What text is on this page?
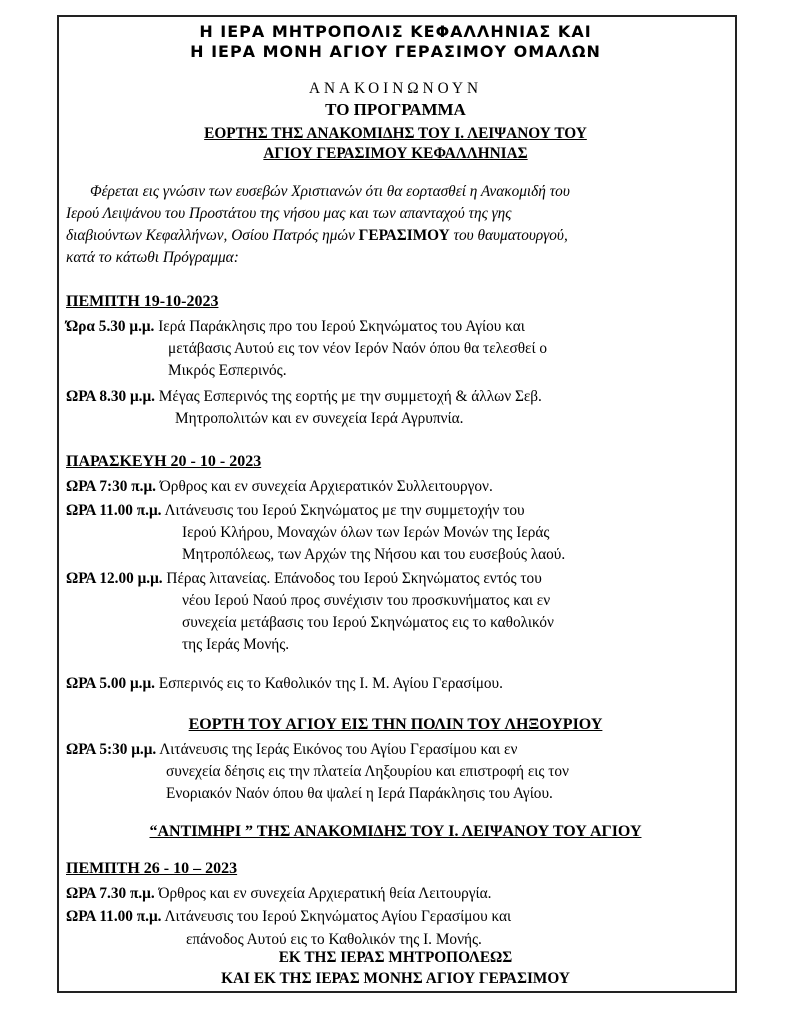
Η ΙΕΡΑ ΜΗΤΡΟΠΟΛΙΣ ΚΕΦΑΛΛΗΝΙΑΣ ΚΑΙ
Η ΙΕΡΑ ΜΟΝΗ ΑΓΙΟΥ ΓΕΡΑΣΙΜΟΥ ΟΜΑΛΩΝ
ΑΝΑΚΟΙΝΩΝΟΥΝ
ΤΟ ΠΡΟΓΡΑΜΜΑ
ΕΟΡΤΗΣ ΤΗΣ ΑΝΑΚΟΜΙΔΗΣ ΤΟΥ Ι. ΛΕΙΨΑΝΟΥ ΤΟΥ
ΑΓΙΟΥ ΓΕΡΑΣΙΜΟΥ ΚΕΦΑΛΛΗΝΙΑΣ
Φέρεται εις γνώσιν των ευσεβών Χριστιανών ότι θα εορτασθεί η Ανακομιδή του
Ιερού Λειψάνου του Προστάτου της νήσου μας και των απανταχού της γης
διαβιούντων Κεφαλλήνων, Οσίου Πατρός ημών ΓΕΡΑΣΙΜΟΥ του θαυματουργού,
κατά το κάτωθι Πρόγραμμα:
ΠΕΜΠΤΗ 19-10-2023
Ώρα 5.30 μ.μ. Ιερά Παράκλησις προ του Ιερού Σκηνώματος του Αγίου και
μετάβασις Αυτού εις τον νέον Ιερόν Ναόν όπου θα τελεσθεί ο
Μικρός Εσπερινός.
ΩΡΑ 8.30 μ.μ. Μέγας Εσπερινός της εορτής με την συμμετοχή & άλλων Σεβ.
Μητροπολιτών και εν συνεχεία Ιερά Αγρυπνία.
ΠΑΡΑΣΚΕΥΗ 20 - 10 - 2023
ΩΡΑ 7:30 π.μ. Όρθρος και εν συνεχεία Αρχιερατικόν Συλλειτουργον.
ΩΡΑ 11.00 π.μ. Λιτάνευσις του Ιερού Σκηνώματος με την συμμετοχήν του
Ιερού Κλήρου, Μοναχών όλων των Ιερών Μονών της Ιεράς
Μητροπόλεως, των Αρχών της Νήσου και του ευσεβούς λαού.
ΩΡΑ 12.00 μ.μ. Πέρας λιτανείας. Επάνοδος του Ιερού Σκηνώματος εντός του
νέου Ιερού Ναού προς συνέχισιν του προσκυνήματος και εν
συνεχεία μετάβασις του Ιερού Σκηνώματος εις το καθολικόν
της Ιεράς Μονής.
ΩΡΑ 5.00 μ.μ. Εσπερινός εις το Καθολικόν της Ι. Μ. Αγίου Γερασίμου.
ΕΟΡΤΗ ΤΟΥ ΑΓΙΟΥ ΕΙΣ ΤΗΝ ΠΟΛΙΝ ΤΟΥ ΛΗΞΟΥΡΙΟΥ
ΩΡΑ 5:30 μ.μ. Λιτάνευσις της Ιεράς Εικόνος του Αγίου Γερασίμου και εν
συνεχεία δέησις εις την πλατεία Ληξουρίου και επιστροφή εις τον
Ενοριακόν Ναόν όπου θα ψαλεί η Ιερά Παράκλησις του Αγίου.
“ΑΝΤΙΜΗΡΙ ” ΤΗΣ ΑΝΑΚΟΜΙΔΗΣ ΤΟΥ Ι. ΛΕΙΨΑΝΟΥ ΤΟΥ ΑΓΙΟΥ
ΠΕΜΠΤΗ 26 - 10 – 2023
ΩΡΑ 7.30 π.μ. Όρθρος και εν συνεχεία Αρχιερατική θεία Λειτουργία.
ΩΡΑ 11.00 π.μ. Λιτάνευσις του Ιερού Σκηνώματος Αγίου Γερασίμου και
επάνοδος Αυτού εις το Καθολικόν της Ι. Μονής.
ΕΚ ΤΗΣ ΙΕΡΑΣ ΜΗΤΡΟΠΟΛΕΩΣ
ΚΑΙ ΕΚ ΤΗΣ ΙΕΡΑΣ ΜΟΝΗΣ ΑΓΙΟΥ ΓΕΡΑΣΙΜΟΥ
